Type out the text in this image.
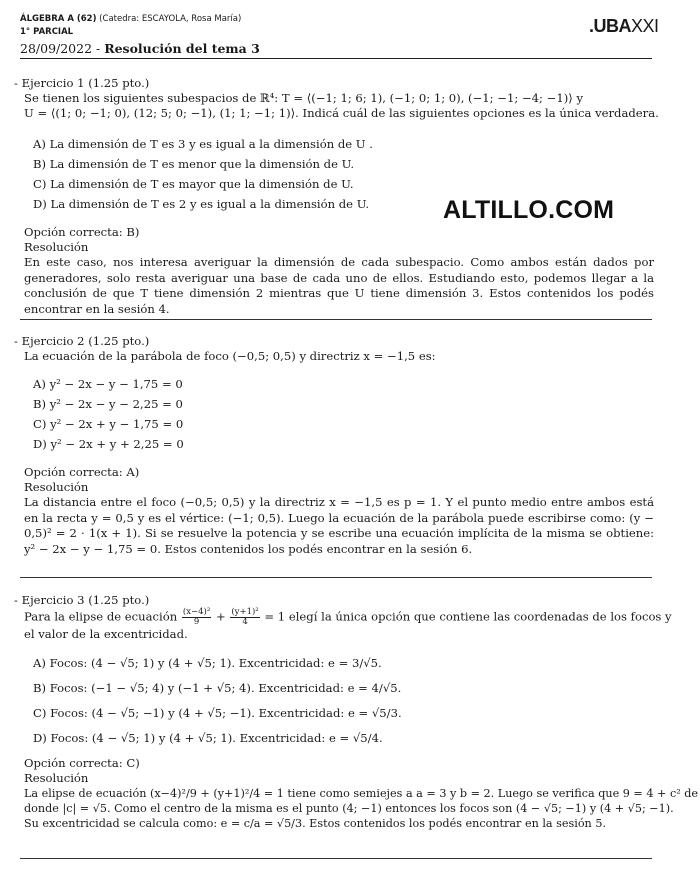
ÁLGEBRA A (62) (Catedra: ESCAYOLA, Rosa María)
1° PARCIAL
28/09/2022 - Resolución del tema 3
.UBAXXI
ALTILLO.COM
- Ejercicio 1 (1.25 pto.)
Se tienen los siguientes subespacios de ℝ⁴: T = ⟨(−1; 1; 6; 1), (−1; 0; 1; 0), (−1; −1; −4; −1)⟩ y
U = ⟨(1; 0; −1; 0), (12; 5; 0; −1), (1; 1; −1; 1)⟩. Indicá cuál de las siguientes opciones es la única verdadera.
A) La dimensión de T es 3 y es igual a la dimensión de U .
B) La dimensión de T es menor que la dimensión de U.
C) La dimensión de T es mayor que la dimensión de U.
D) La dimensión de T es 2 y es igual a la dimensión de U.
Opción correcta: B)
Resolución
En este caso, nos interesa averiguar la dimensión de cada subespacio. Como ambos están dados por generadores, solo resta averiguar una base de cada uno de ellos. Estudiando esto, podemos llegar a la conclusión de que T tiene dimensión 2 mientras que U tiene dimensión 3. Estos contenidos los podés encontrar en la sesión 4.
- Ejercicio 2 (1.25 pto.)
La ecuación de la parábola de foco (−0,5; 0,5) y directriz x = −1,5 es:
A) y² − 2x − y − 1,75 = 0
B) y² − 2x − y − 2,25 = 0
C) y² − 2x + y − 1,75 = 0
D) y² − 2x + y + 2,25 = 0
Opción correcta: A)
Resolución
La distancia entre el foco (−0,5; 0,5) y la directriz x = −1,5 es p = 1. Y el punto medio entre ambos está en la recta y = 0,5 y es el vértice: (−1; 0,5). Luego la ecuación de la parábola puede escribirse como: (y − 0,5)² = 2 · 1(x + 1). Si se resuelve la potencia y se escribe una ecuación implícita de la misma se obtiene: y² − 2x − y − 1,75 = 0. Estos contenidos los podés encontrar en la sesión 6.
- Ejercicio 3 (1.25 pto.)
Para la elipse de ecuación $\frac{\text{(x−4)²}}{9} + \frac{\text{(y+1)²}}{4} = 1$ elegí la única opción que contiene las coordenadas de los focos y
el valor de la excentricidad.
A) Focos: (4 − √5; 1) y (4 + √5; 1). Excentricidad: e = 3/√5.
B) Focos: (−1 − √5; 4) y (−1 + √5; 4). Excentricidad: e = 4/√5.
C) Focos: (4 − √5; −1) y (4 + √5; −1). Excentricidad: e = √5/3.
D) Focos: (4 − √5; 1) y (4 + √5; 1). Excentricidad: e = √5/4.
Opción correcta: C)
Resolución
La elipse de ecuación (x−4)²/9 + (y+1)²/4 = 1 tiene como semiejes a a = 3 y b = 2. Luego se verifica que 9 = 4 + c² de
donde |c| = √5. Como el centro de la misma es el punto (4; −1) entonces los focos son (4 − √5; −1) y (4 + √5; −1).
Su excentricidad se calcula como: e = c/a = √5/3. Estos contenidos los podés encontrar en la sesión 5.
